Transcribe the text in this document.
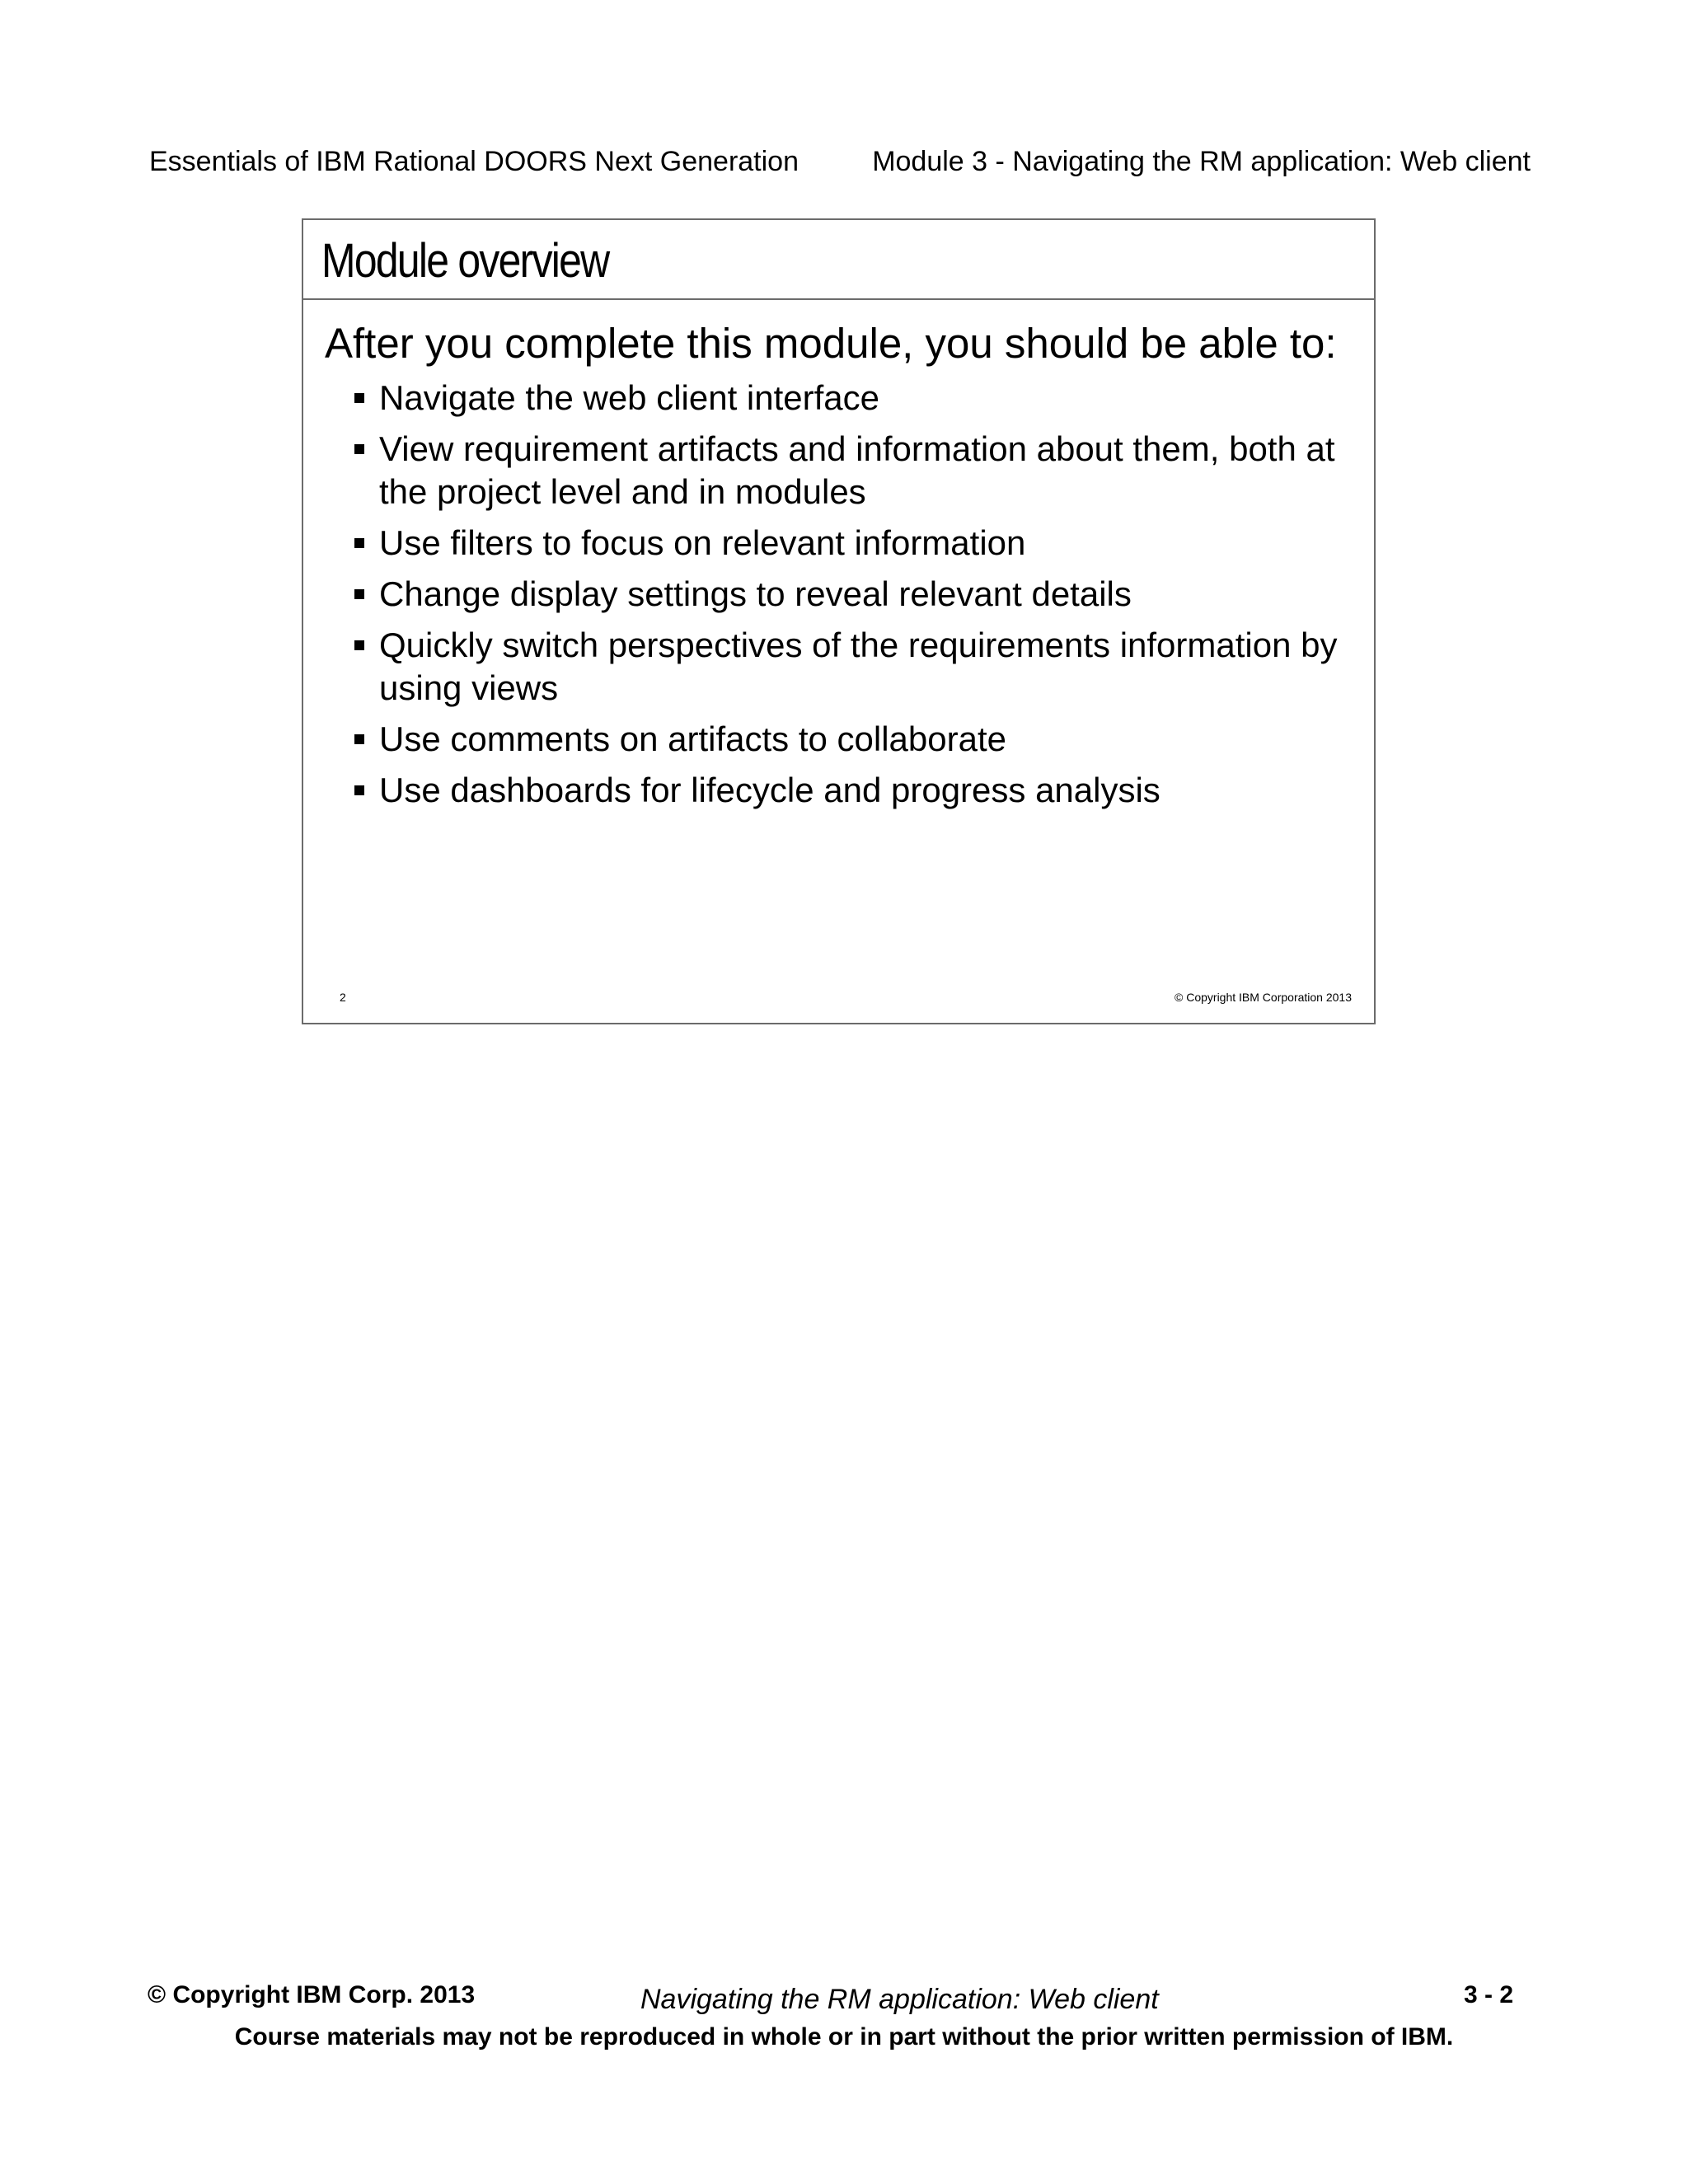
Essentials of IBM Rational DOORS Next Generation	Module 3 - Navigating the RM application: Web client
Module overview
After you complete this module, you should be able to:
Navigate the web client interface
View requirement artifacts and information about them, both at the project level and in modules
Use filters to focus on relevant information
Change display settings to reveal relevant details
Quickly switch perspectives of the requirements information by using views
Use comments on artifacts to collaborate
Use dashboards for lifecycle and progress analysis
2	© Copyright IBM Corporation 2013
© Copyright IBM Corp. 2013	Navigating the RM application: Web client	3 - 2
Course materials may not be reproduced in whole or in part without the prior written permission of IBM.
